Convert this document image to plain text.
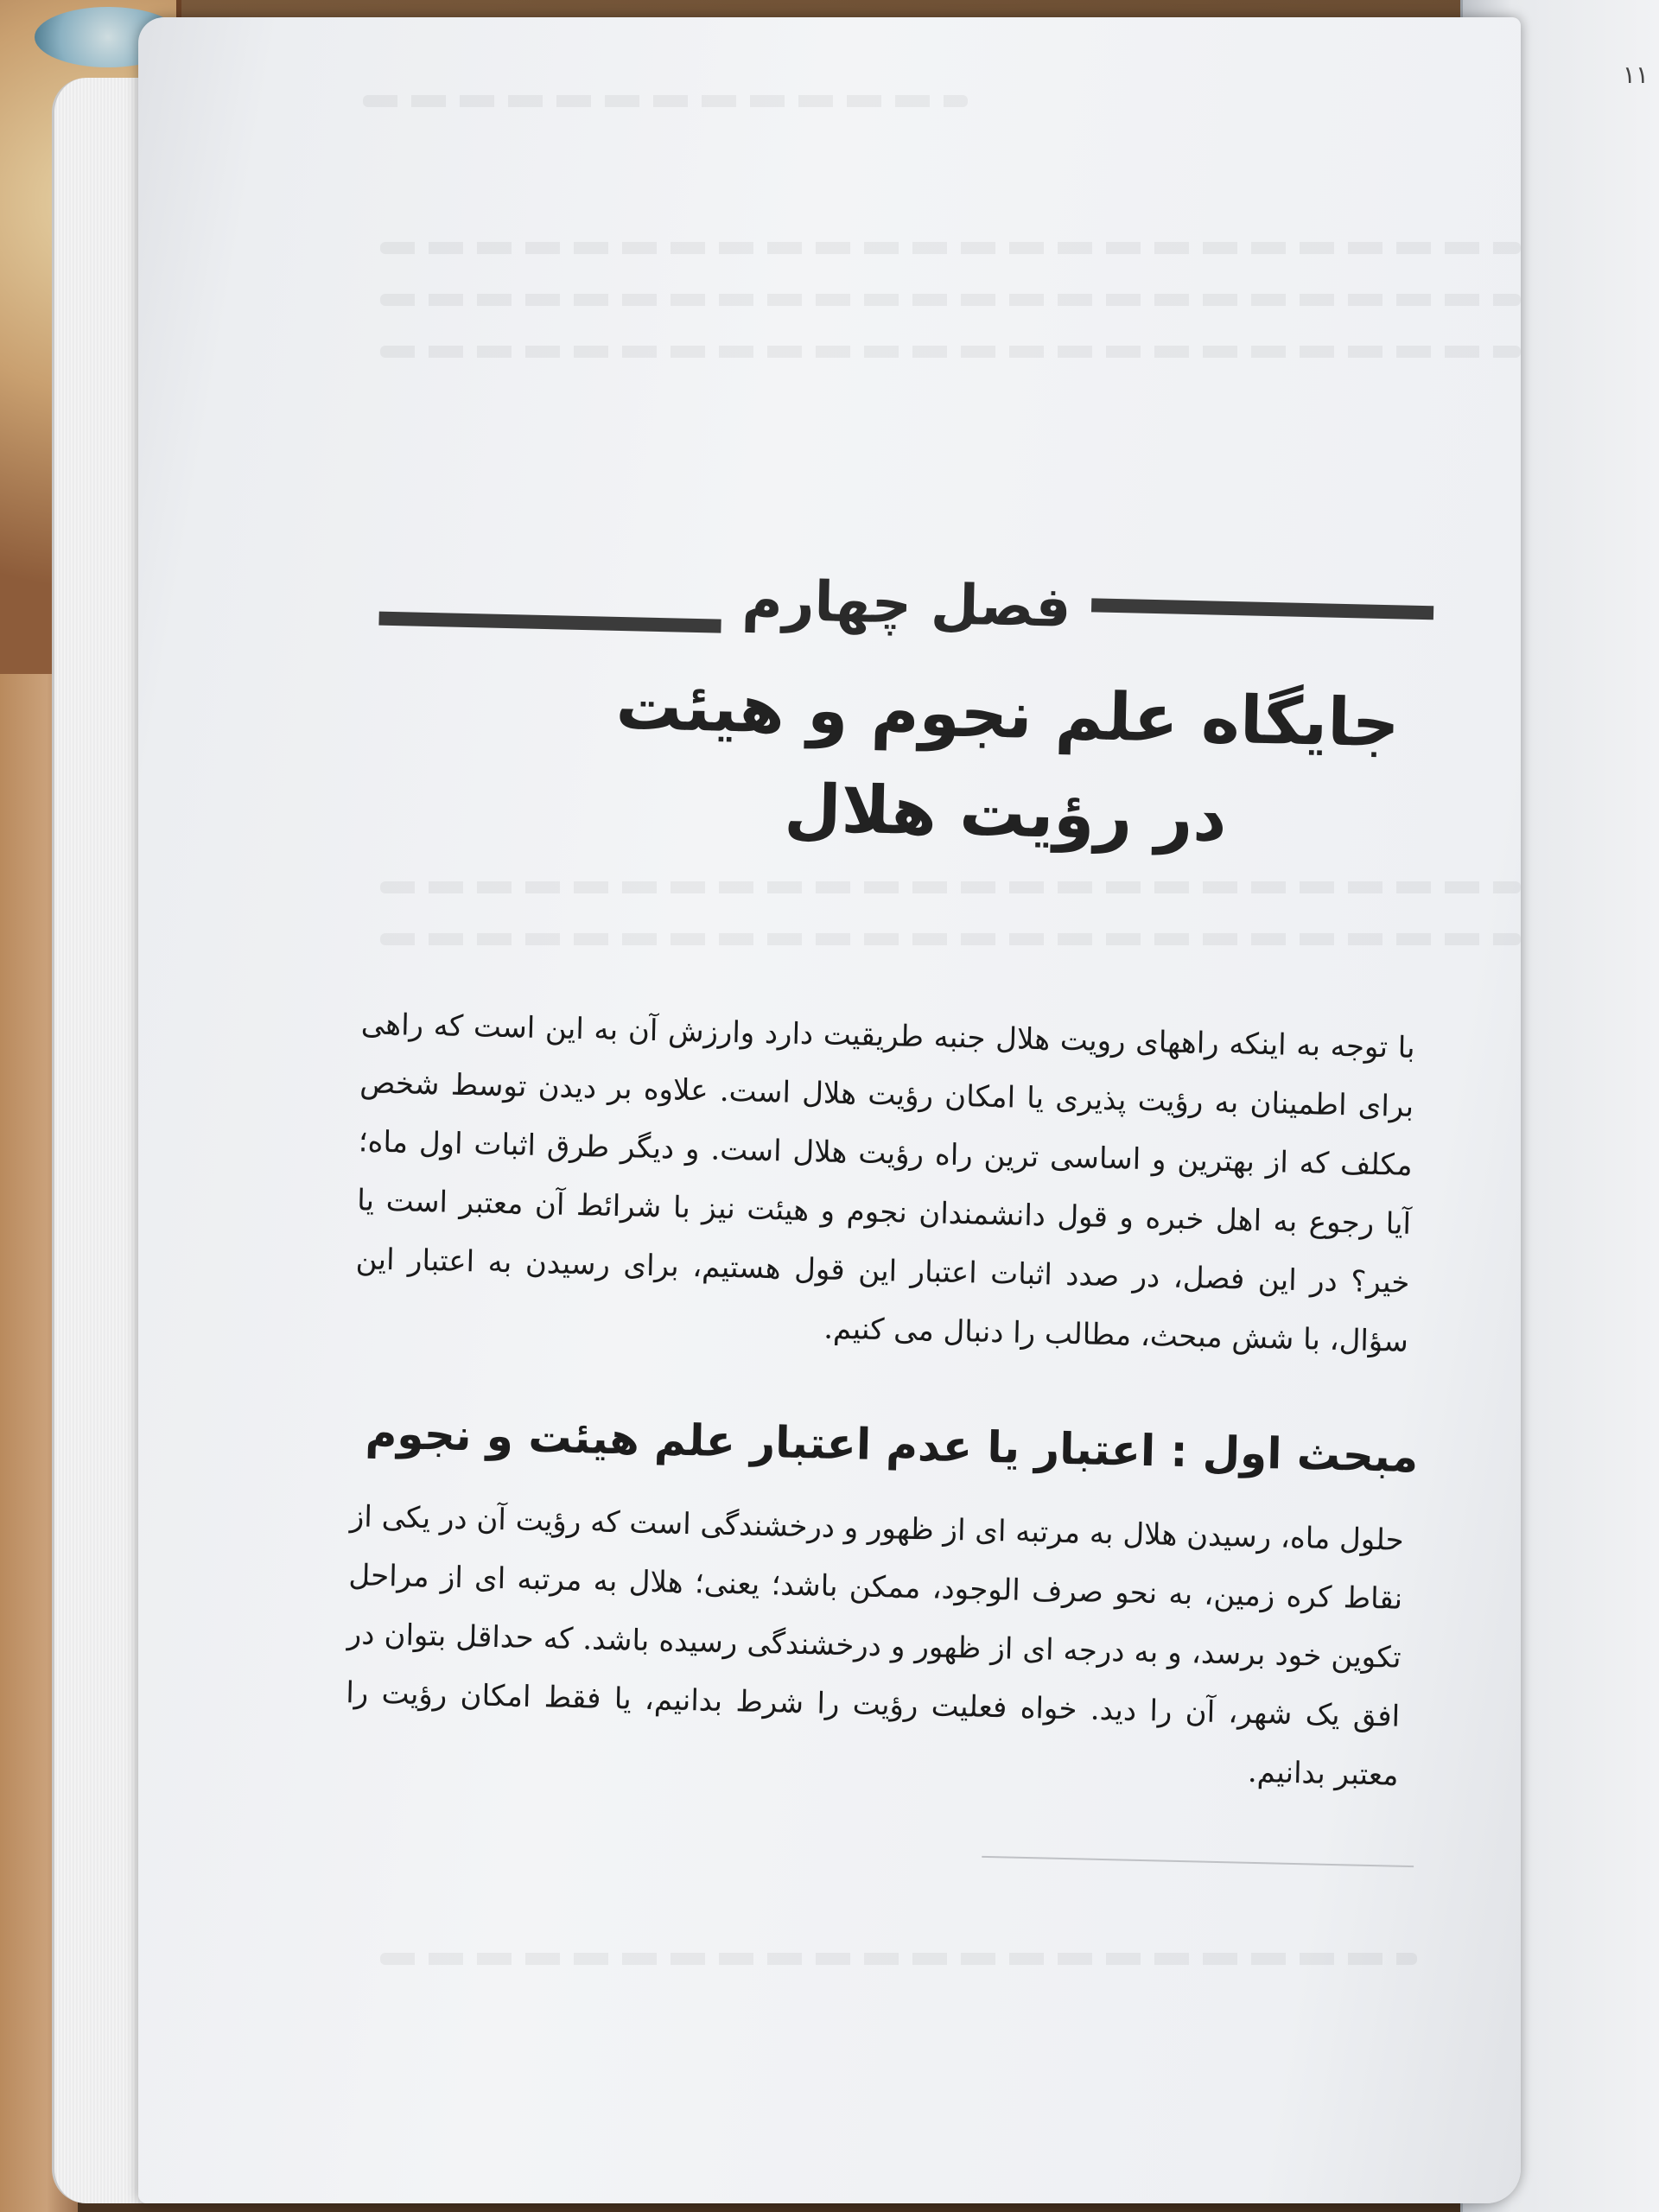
۱۱
فصل چهارم
جایگاه علم نجوم و هیئت در رؤیت هلال

با توجه به اینکه راههای رویت هلال جنبه طریقیت دارد وارزش آن به این است که راهی برای اطمینان به رؤیت پذیری یا امکان رؤیت هلال است. علاوه بر دیدن توسط شخص مکلف که از بهترین و اساسی ترین راه رؤیت هلال است. و دیگر طرق اثبات اول ماه؛ آیا رجوع به اهل خبره و قول دانشمندان نجوم و هیئت نیز با شرائط آن معتبر است یا خیر؟ در این فصل، در صدد اثبات اعتبار این قول هستیم، برای رسیدن به اعتبار این سؤال، با شش مبحث، مطالب را دنبال می کنیم.

مبحث اول : اعتبار یا عدم اعتبار علم هیئت و نجوم

حلول ماه، رسیدن هلال به مرتبه ای از ظهور و درخشندگی است که رؤیت آن در یکی از نقاط کره زمین، به نحو صرف الوجود، ممکن باشد؛ یعنی؛ هلال به مرتبه ای از مراحل تکوین خود برسد، و به درجه ای از ظهور و درخشندگی رسیده باشد. که حداقل بتوان در افق یک شهر، آن را دید. خواه فعلیت رؤیت را شرط بدانیم، یا فقط امکان رؤیت را معتبر بدانیم.
